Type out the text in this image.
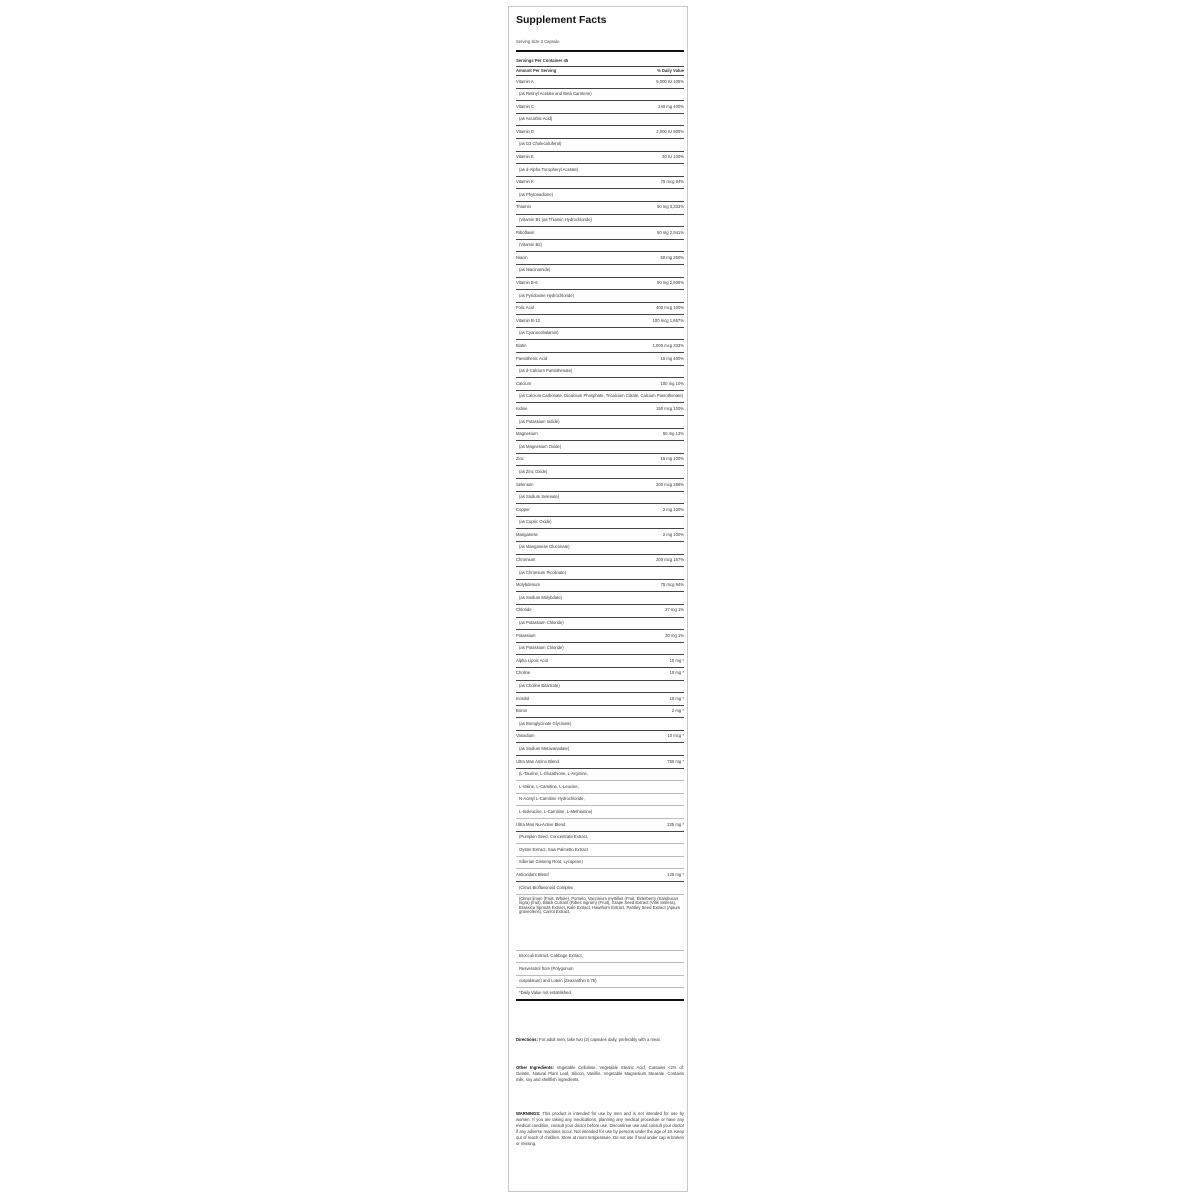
Supplement Facts
Serving Size 3 Capsule
Servings Per Container 45
Amount Per Serving	% Daily Value
Vitamin A	5,000 IU 100%
(as Retinyl Acetate and Beta Carotene)
Vitamin C	240 mg 400%
(as Ascorbic Acid)
Vitamin D	2,000 IU 500%
(as D3 Cholecalciferol)
Vitamin E	30 IU 100%
(as d-Alpha Tocopheryl Acetate)
Vitamin K	75 mcg 94%
(as Phytonadione)
Thiamin	50 mg 3,333%
(Vitamin B1 (as Thiamin Hydrochloride)
Riboflavin	50 mg 2,941%
(Vitamin B2)
Niacin	50 mg 250%
(as Niacinamide)
Vitamin B-6	50 mg 2,500%
(as Pyridoxine Hydrochloride)
Folic Acid	400 mcg 100%
Vitamin B-12	100 mcg 1,667%
(as Cyanocobalamin)
Biotin	1,000 mcg 333%
Pantothenic Acid	15 mg 400%
(as d-Calcium Pantothenate)
Calcium	100 mg 10%
(as Calcium Carbonate, Dicalcium Phosphate, Tricalcium Citrate, Calcium Pantothenate)
Iodine	150 mcg 100%
(as Potassium Iodide)
Magnesium	50 mg 13%
(as Magnesium Oxide)
Zinc	15 mg 100%
(as Zinc Oxide)
Selenium	200 mcg 286%
(as Sodium Selenate)
Copper	2 mg 100%
(as Cupric Oxide)
Manganese	2 mg 100%
(as Manganese Gluconate)
Chromium	200 mcg 167%
(as Chromium Picolinate)
Molybdenum	75 mcg 94%
(as Sodium Molybdate)
Chloride	27 mg 1%
(as Potassium Chloride)
Potassium	30 mg 1%
(as Potassium Chloride)
Alpha Lipoic Acid	10 mg *
Choline	10 mg *
(as Choline Bitartrate)
Inositol	10 mg *
Boron	2 mg *
(as Boroglycinate Glycinate)
Vanadium	10 mcg *
(as Sodium Metavanadate)
Ultra Man Amino Blend	750 mg *
(L-Taurine, L-Glutathione, L-Arginine,
L-Valine, L-Carnitine, L-Leucine,
N-Acetyl L-Carnitine Hydrochloride,
L-Isoleucine, L-Carnitine, L-Methionine)
Ultra Man Nu-Active Blend	225 mg *
(Pumpkin Seed, Concentrate Extract,
Oyster Extract, Saw Palmetto Extract
Siberian Ginseng Root, Lycopene)
Antioxidant Blend	125 mg *
(Citrus Bioflavonoid Complex
(Citrus limon (Fruit, Whole), Pomelo, Vaccinium myrtillus (Fruit, Elderberry (Sambucus nigra) (fruit), Black Currant (Ribes nigrum) (Fruit), Grape Seed Extract (Vitis vinifera), Brassica Sprouts Extract, Kale Extract, Hawthorn Extract, Parsley Seed Extract (Apium graveolens), Carrot Extract,
Broccoli Extract, Cabbage Extract,
Resveratrol from (Polygonum
cuspidatum) and Lutein (Zeaxanthin 0.75)
*Daily Value not established.
Directions: For adult men, take two (2) capsules daily, preferably with a meal.
Other Ingredients: Vegetable Cellulose, Vegetable Stearic Acid, Contains <2% of: Gelatin, Natural Plant Leaf, Silicon, Vanillin, Vegetable Magnesium Stearate. Contains milk, soy and shellfish ingredients.
WARNINGS: This product is intended for use by men and is not intended for use by women. If you are taking any medications, planning any medical procedure or have any medical condition, consult your doctor before use. Discontinue use and consult your doctor if any adverse reactions occur. Not intended for use by persons under the age of 18. Keep out of reach of children. Store at room temperature. Do not use if seal under cap is broken or missing.
